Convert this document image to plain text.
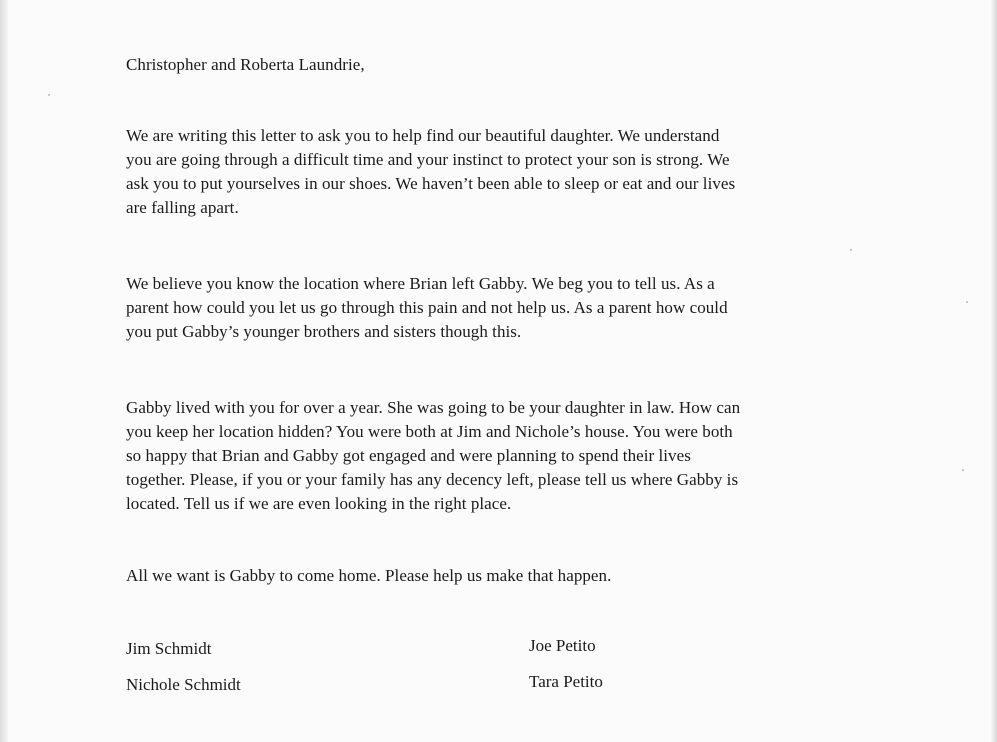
Christopher and Roberta Laundrie,
We are writing this letter to ask you to help find our beautiful daughter. We understand
you are going through a difficult time and your instinct to protect your son is strong. We
ask you to put yourselves in our shoes. We haven’t been able to sleep or eat and our lives
are falling apart.
We believe you know the location where Brian left Gabby. We beg you to tell us. As a
parent how could you let us go through this pain and not help us. As a parent how could
you put Gabby’s younger brothers and sisters though this.
Gabby lived with you for over a year. She was going to be your daughter in law. How can
you keep her location hidden? You were both at Jim and Nichole’s house. You were both
so happy that Brian and Gabby got engaged and were planning to spend their lives
together. Please, if you or your family has any decency left, please tell us where Gabby is
located. Tell us if we are even looking in the right place.
All we want is Gabby to come home. Please help us make that happen.
Jim Schmidt
Nichole Schmidt
Joe Petito
Tara Petito
